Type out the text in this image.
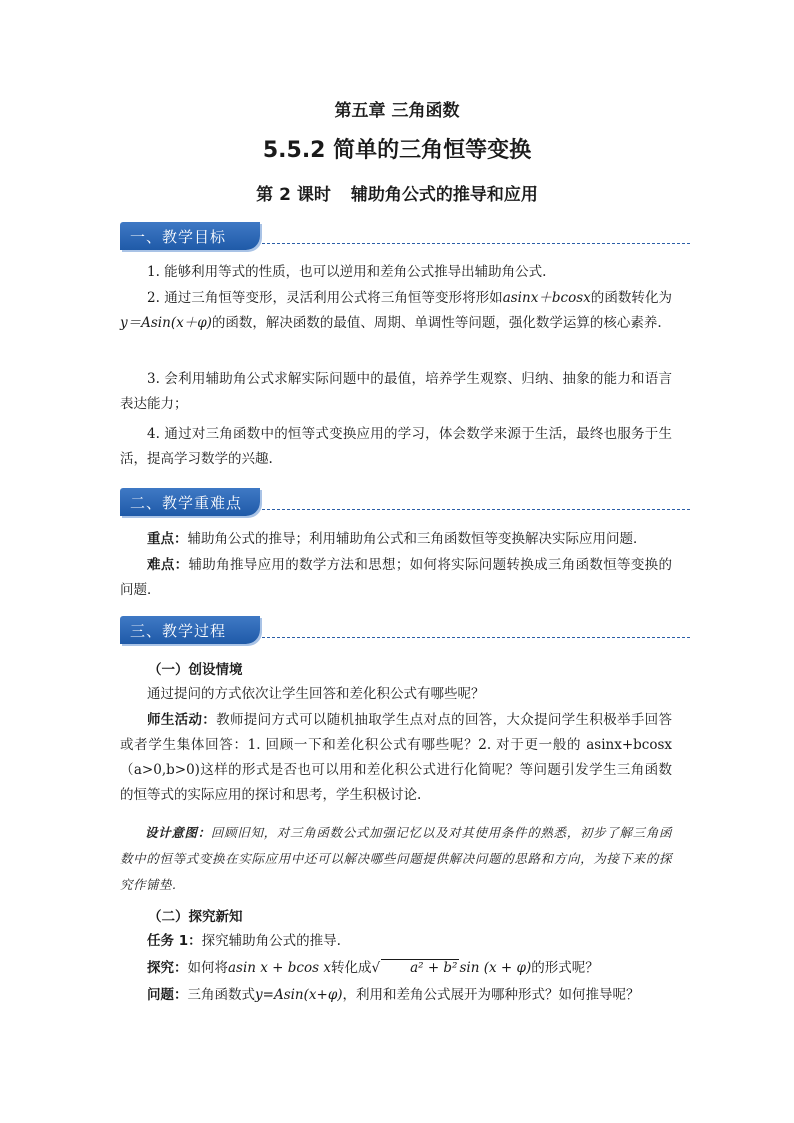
第五章 三角函数
5.5.2 简单的三角恒等变换
第 2 课时 辅助角公式的推导和应用
一、教学目标

1. 能够利用等式的性质，也可以逆用和差角公式推导出辅助角公式.

2. 通过三角恒等变形，灵活利用公式将三角恒等变形将形如asinx＋bcosx的函数转化为y＝Asin(x＋φ)的函数，解决函数的最值、周期、单调性等问题，强化数学运算的核心素养.

3. 会利用辅助角公式求解实际问题中的最值，培养学生观察、归纳、抽象的能力和语言表达能力；

4. 通过对三角函数中的恒等式变换应用的学习，体会数学来源于生活，最终也服务于生活，提高学习数学的兴趣.

二、教学重难点

重点：辅助角公式的推导；利用辅助角公式和三角函数恒等变换解决实际应用问题．

难点：辅助角推导应用的数学方法和思想；如何将实际问题转换成三角函数恒等变换的问题．

三、教学过程
（一）创设情境

通过提问的方式依次让学生回答和差化积公式有哪些呢？

师生活动：教师提问方式可以随机抽取学生点对点的回答，大众提问学生积极举手回答或者学生集体回答：1. 回顾一下和差化积公式有哪些呢？2. 对于更一般的 asinx+bcosx（a>0,b>0)这样的形式是否也可以用和差化积公式进行化简呢？等问题引发学生三角函数的恒等式的实际应用的探讨和思考，学生积极讨论.

设计意图：回顾旧知，对三角函数公式加强记忆以及对其使用条件的熟悉，初步了解三角函数中的恒等式变换在实际应用中还可以解决哪些问题提供解决问题的思路和方向，为接下来的探究作铺垫.

（二）探究新知

任务 1：探究辅助角公式的推导.

探究：如何将asin x + bcos x转化成√ a² + b² sin (x + φ)的形式呢？

问题：三角函数式y=Asin(x+φ)，利用和差角公式展开为哪种形式？如何推导呢？
